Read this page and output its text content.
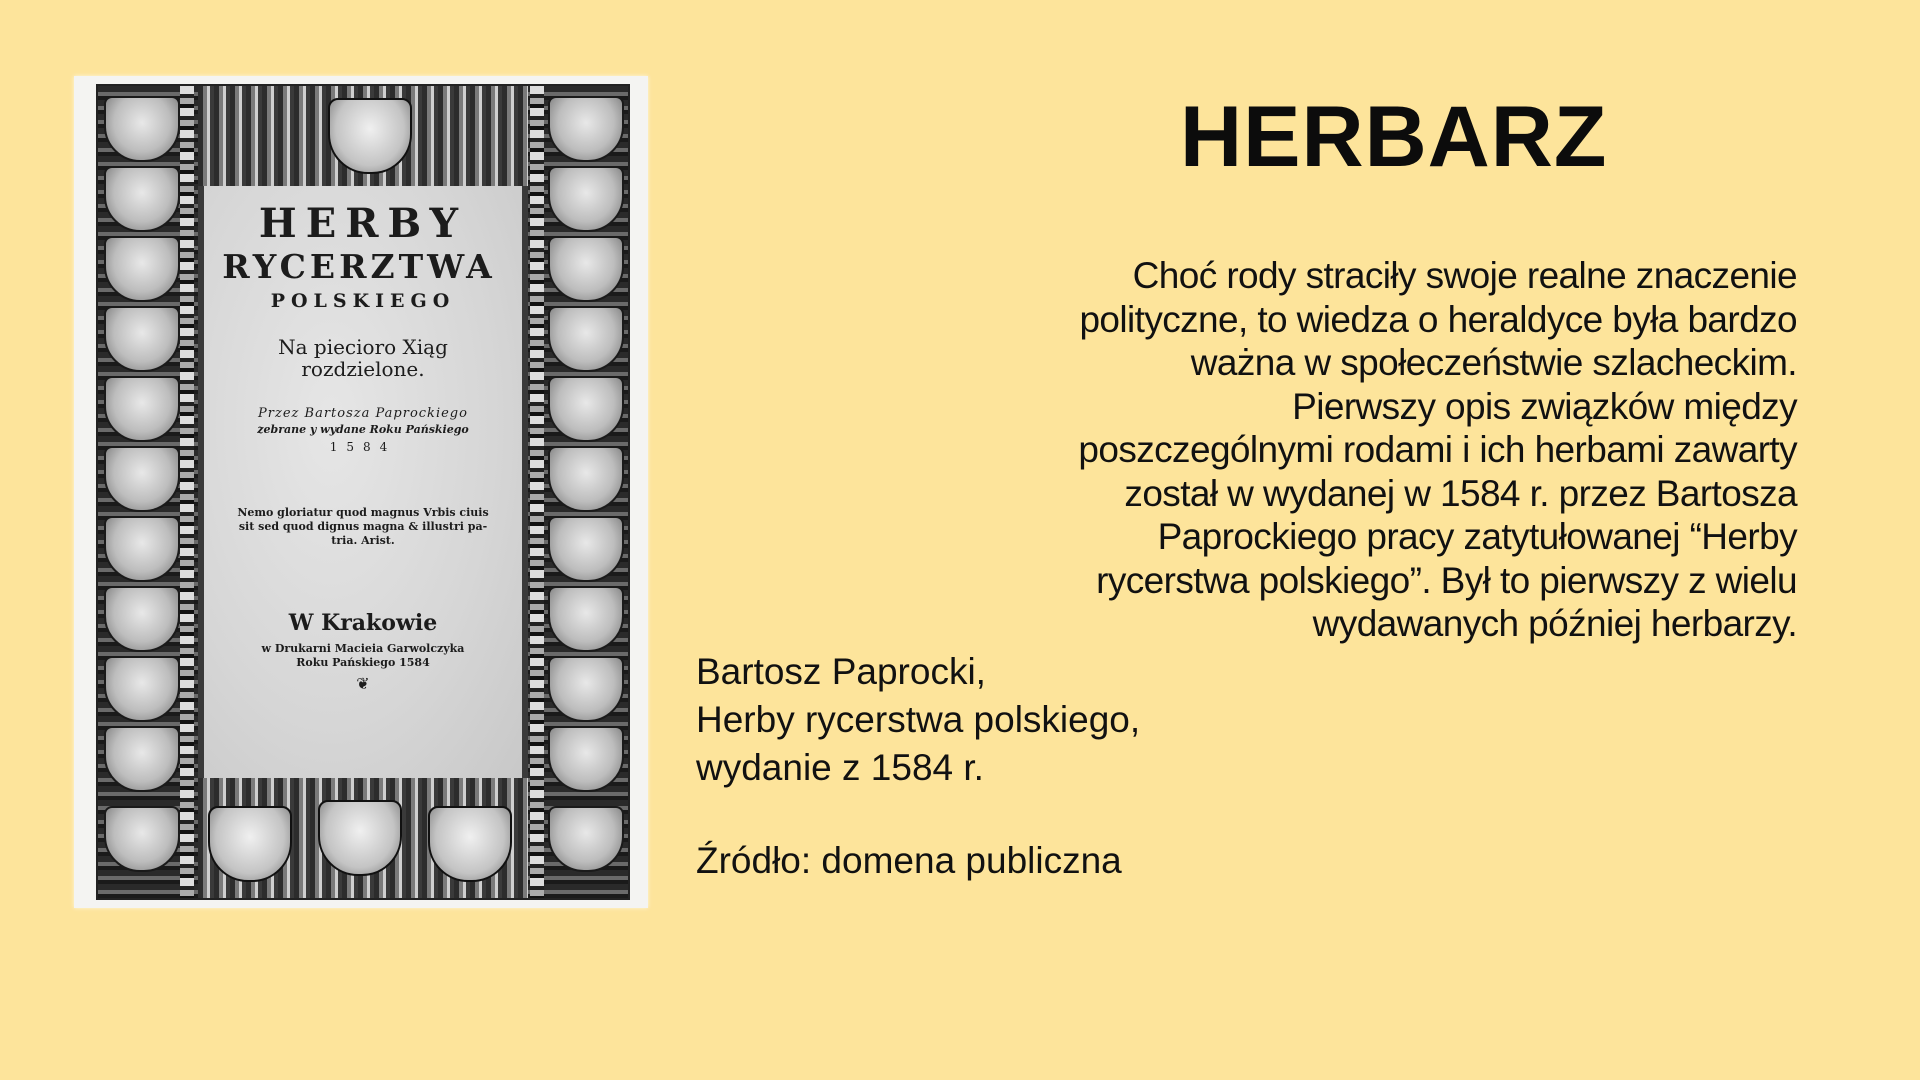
HERBY
RYCERZTWA
POLSKIEGO
Na pieciorо Xiąg
rozdzielone.
Przez Bartosza Paprockiego
zebrane y wydane Roku Pańskiego
1584
Nemo gloriatur quod magnus Vrbis ciuis
sit sed quod dignus magna & illustri pa-
tria. Arist.
W Krakowie
w Drukarni Macieia Garwolczyka
Roku Pańskiego 1584
❦
HERBARZ
Choć rody straciły swoje realne znaczenie
polityczne, to wiedza o heraldyce była bardzo
ważna w społeczeństwie szlacheckim.
Pierwszy opis związków między
poszczególnymi rodami i ich herbami zawarty
został w wydanej w 1584 r. przez Bartosza
Paprockiego pracy zatytułowanej “Herby
rycerstwa polskiego”. Był to pierwszy z wielu
wydawanych później herbarzy.
Bartosz Paprocki,
Herby rycerstwa polskiego,
wydanie z 1584 r.
Źródło: domena publiczna
